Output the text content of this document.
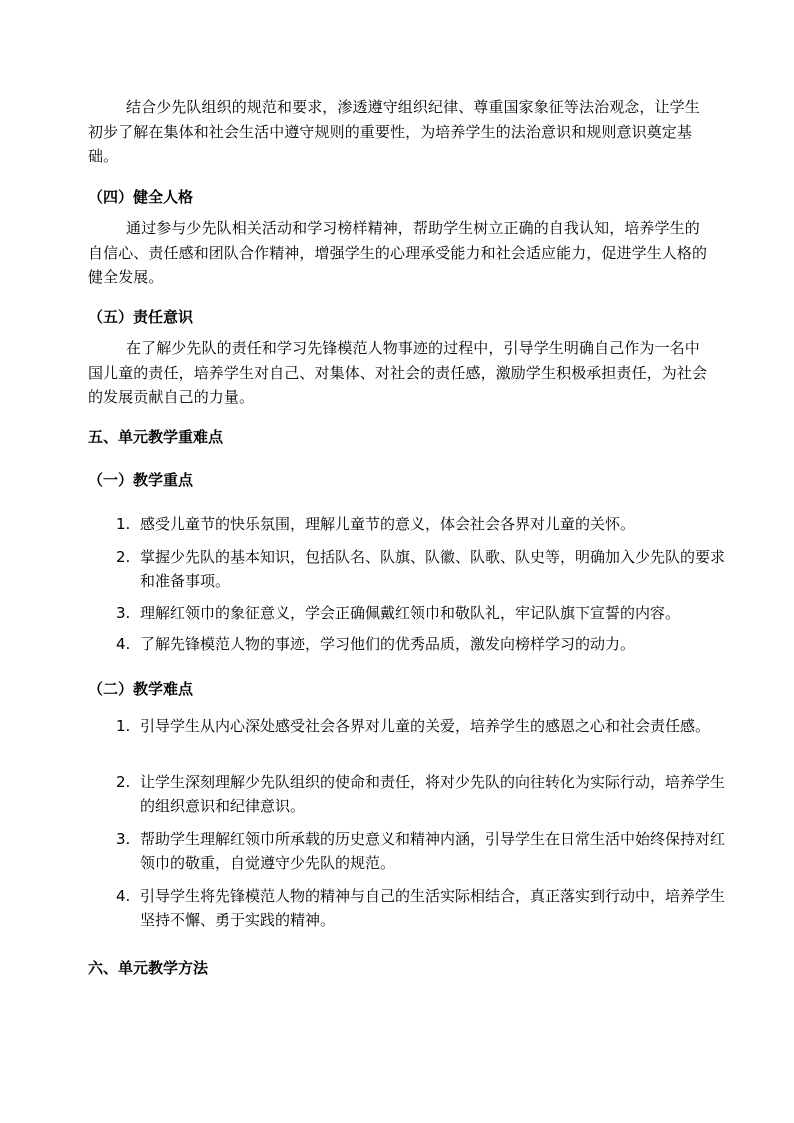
结合少先队组织的规范和要求，渗透遵守组织纪律、尊重国家象征等法治观念，让学生初步了解在集体和社会生活中遵守规则的重要性，为培养学生的法治意识和规则意识奠定基础。

（四）健全人格

通过参与少先队相关活动和学习榜样精神，帮助学生树立正确的自我认知，培养学生的自信心、责任感和团队合作精神，增强学生的心理承受能力和社会适应能力，促进学生人格的健全发展。

（五）责任意识

在了解少先队的责任和学习先锋模范人物事迹的过程中，引导学生明确自己作为一名中国儿童的责任，培养学生对自己、对集体、对社会的责任感，激励学生积极承担责任，为社会的发展贡献自己的力量。

五、单元教学重难点

（一）教学重点

1. 感受儿童节的快乐氛围，理解儿童节的意义，体会社会各界对儿童的关怀。
2. 掌握少先队的基本知识，包括队名、队旗、队徽、队歌、队史等，明确加入少先队的要求和准备事项。
3. 理解红领巾的象征意义，学会正确佩戴红领巾和敬队礼，牢记队旗下宣誓的内容。
4. 了解先锋模范人物的事迹，学习他们的优秀品质，激发向榜样学习的动力。

（二）教学难点

1. 引导学生从内心深处感受社会各界对儿童的关爱，培养学生的感恩之心和社会责任感。
2. 让学生深刻理解少先队组织的使命和责任，将对少先队的向往转化为实际行动，培养学生的组织意识和纪律意识。
3. 帮助学生理解红领巾所承载的历史意义和精神内涵，引导学生在日常生活中始终保持对红领巾的敬重，自觉遵守少先队的规范。
4. 引导学生将先锋模范人物的精神与自己的生活实际相结合，真正落实到行动中，培养学生坚持不懈、勇于实践的精神。

六、单元教学方法
